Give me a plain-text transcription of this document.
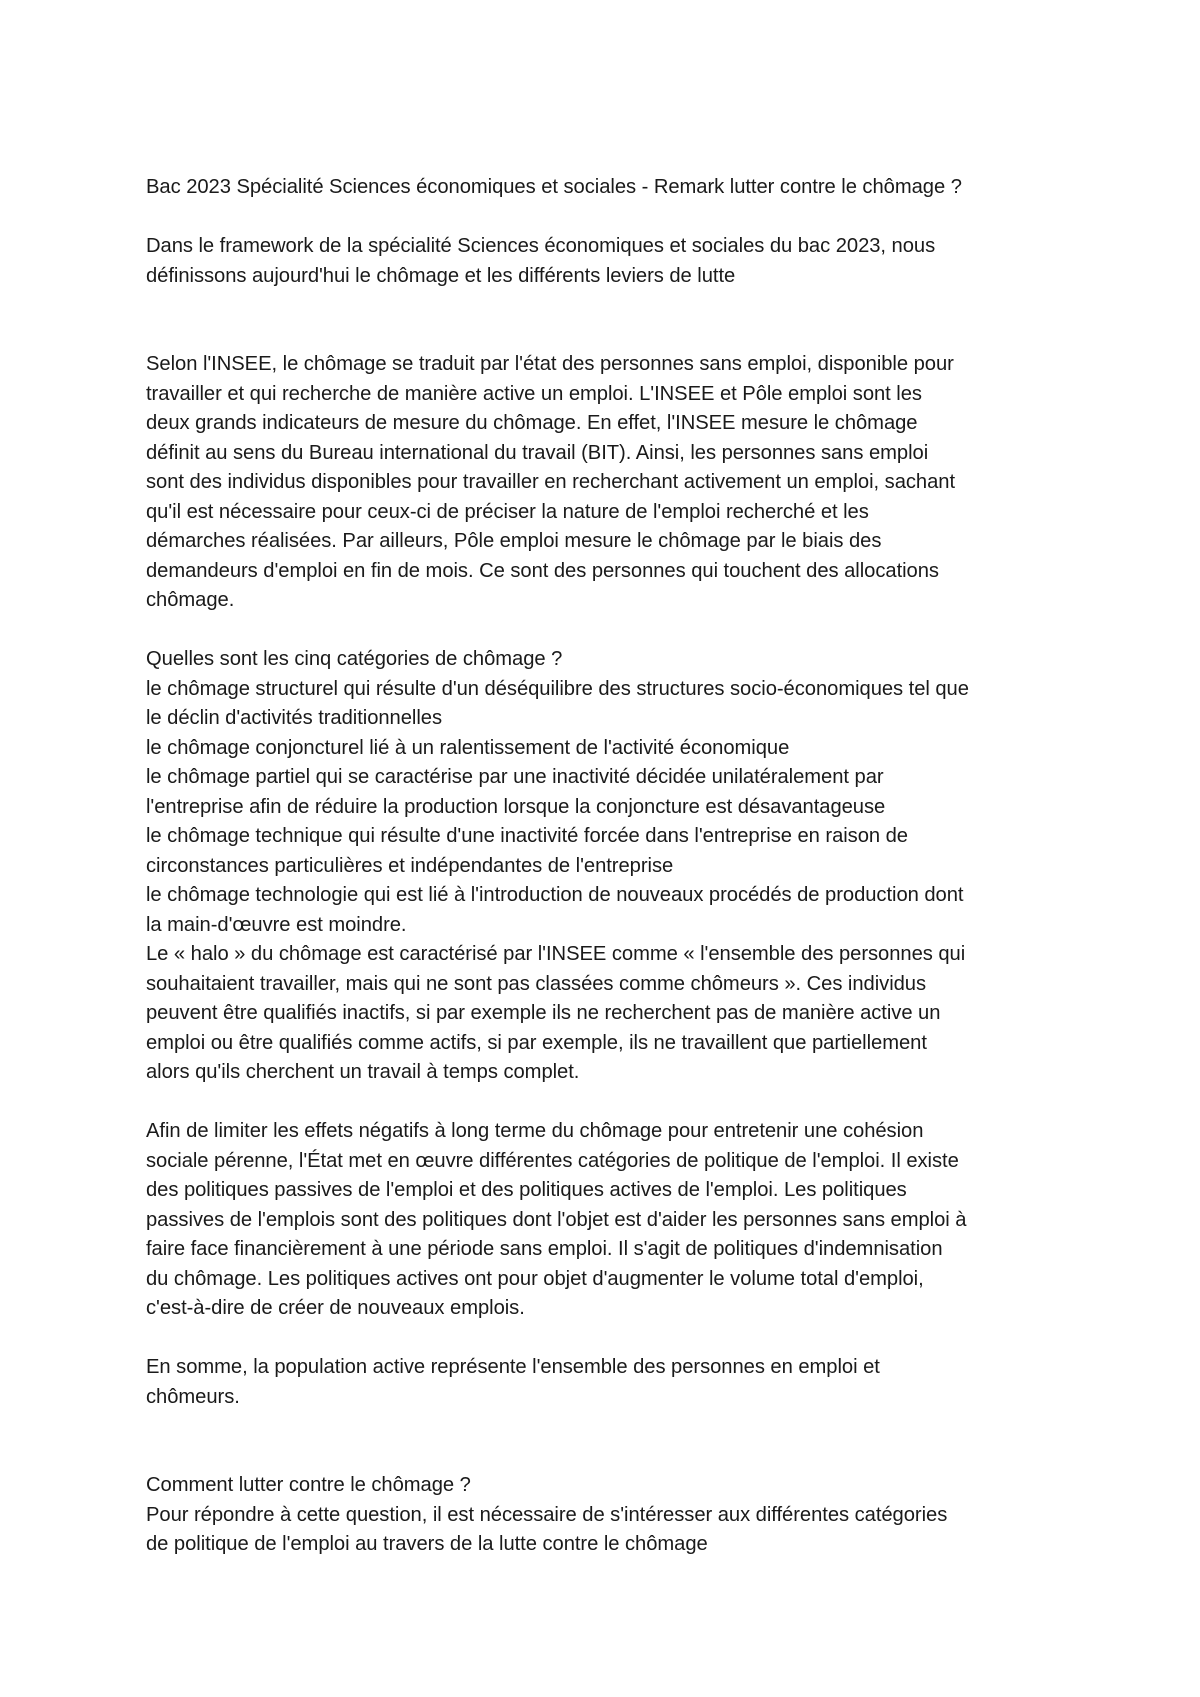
Bac 2023 Spécialité Sciences économiques et sociales - Remark lutter contre le chômage ?

Dans le framework de la spécialité Sciences économiques et sociales du bac 2023, nous
définissons aujourd'hui le chômage et les différents leviers de lutte

Selon l'INSEE, le chômage se traduit par l'état des personnes sans emploi, disponible pour
travailler et qui recherche de manière active un emploi. L'INSEE et Pôle emploi sont les
deux grands indicateurs de mesure du chômage. En effet, l'INSEE mesure le chômage
définit au sens du Bureau international du travail (BIT). Ainsi, les personnes sans emploi
sont des individus disponibles pour travailler en recherchant activement un emploi, sachant
qu'il est nécessaire pour ceux-ci de préciser la nature de l'emploi recherché et les
démarches réalisées. Par ailleurs, Pôle emploi mesure le chômage par le biais des
demandeurs d'emploi en fin de mois. Ce sont des personnes qui touchent des allocations
chômage.

Quelles sont les cinq catégories de chômage ?
le chômage structurel qui résulte d'un déséquilibre des structures socio-économiques tel que
le déclin d'activités traditionnelles
le chômage conjoncturel lié à un ralentissement de l'activité économique
le chômage partiel qui se caractérise par une inactivité décidée unilatéralement par
l'entreprise afin de réduire la production lorsque la conjoncture est désavantageuse
le chômage technique qui résulte d'une inactivité forcée dans l'entreprise en raison de
circonstances particulières et indépendantes de l'entreprise
le chômage technologie qui est lié à l'introduction de nouveaux procédés de production dont
la main-d'œuvre est moindre.
Le « halo » du chômage est caractérisé par l'INSEE comme « l'ensemble des personnes qui
souhaitaient travailler, mais qui ne sont pas classées comme chômeurs ». Ces individus
peuvent être qualifiés inactifs, si par exemple ils ne recherchent pas de manière active un
emploi ou être qualifiés comme actifs, si par exemple, ils ne travaillent que partiellement
alors qu'ils cherchent un travail à temps complet.

Afin de limiter les effets négatifs à long terme du chômage pour entretenir une cohésion
sociale pérenne, l'État met en œuvre différentes catégories de politique de l'emploi. Il existe
des politiques passives de l'emploi et des politiques actives de l'emploi. Les politiques
passives de l'emplois sont des politiques dont l'objet est d'aider les personnes sans emploi à
faire face financièrement à une période sans emploi. Il s'agit de politiques d'indemnisation
du chômage. Les politiques actives ont pour objet d'augmenter le volume total d'emploi,
c'est-à-dire de créer de nouveaux emplois.

En somme, la population active représente l'ensemble des personnes en emploi et
chômeurs.

Comment lutter contre le chômage ?
Pour répondre à cette question, il est nécessaire de s'intéresser aux différentes catégories
de politique de l'emploi au travers de la lutte contre le chômage
